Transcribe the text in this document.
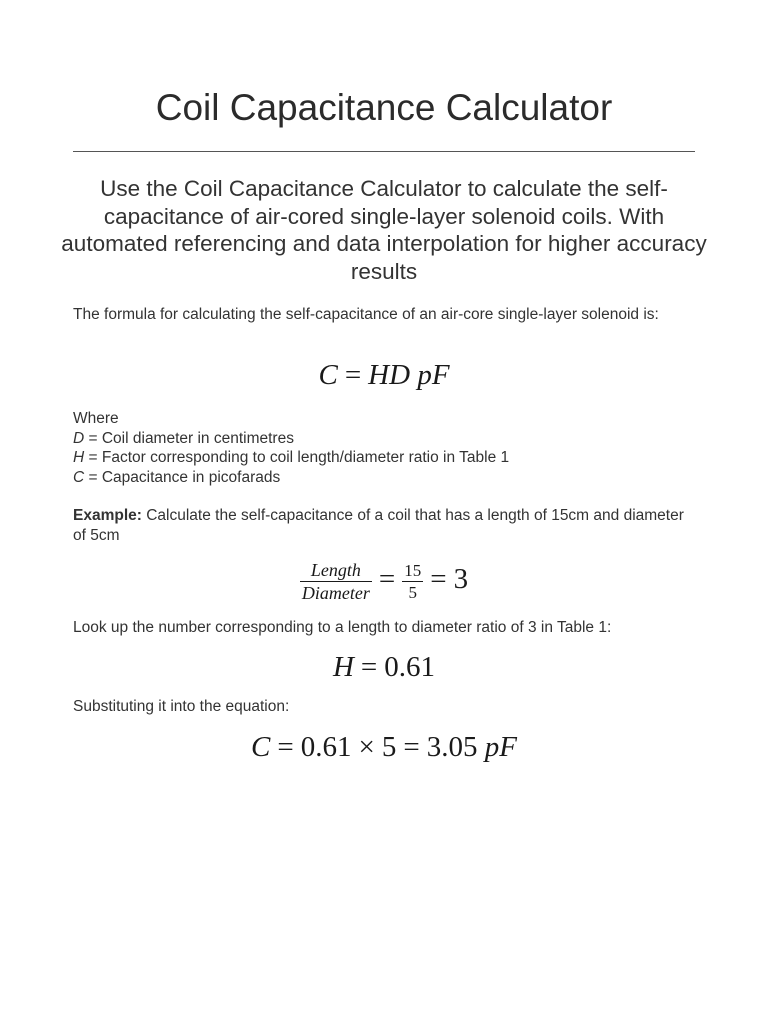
Coil Capacitance Calculator

Use the Coil Capacitance Calculator to calculate the self-capacitance of air-cored single-layer solenoid coils. With automated referencing and data interpolation for higher accuracy results

The formula for calculating the self-capacitance of an air-core single-layer solenoid is:

C = HD pF
Where
D = Coil diameter in centimetres
H = Factor corresponding to coil length/diameter ratio in Table 1
C = Capacitance in picofarads

Example: Calculate the self-capacitance of a coil that has a length of 15cm and diameter of 5cm

$\frac{\text{Length}}{\text{Diameter}} = \frac{15}{5} = 3$

Look up the number corresponding to a length to diameter ratio of 3 in Table 1:

H = 0.61

Substituting it into the equation:

C = 0.61 × 5 = 3.05 pF
